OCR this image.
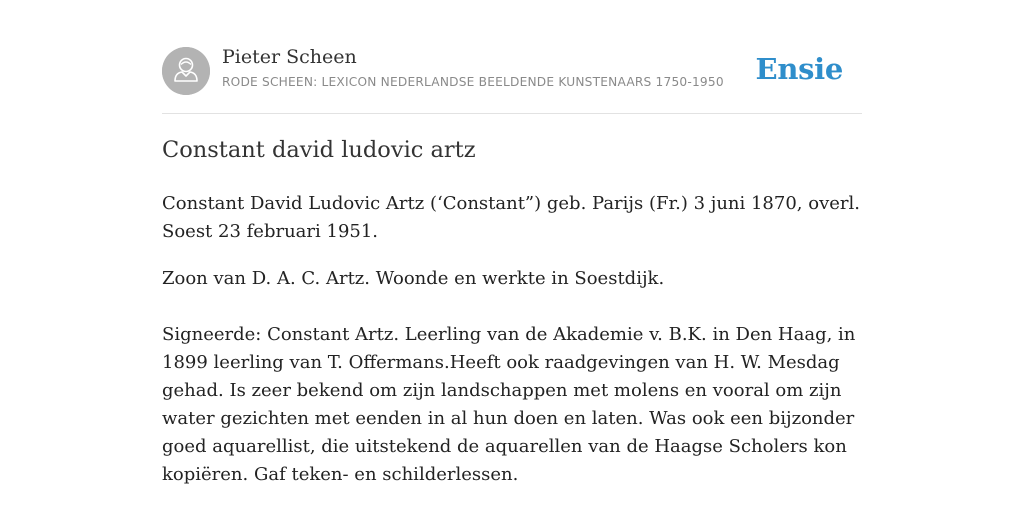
Pieter Scheen
RODE SCHEEN: LEXICON NEDERLANDSE BEELDENDE KUNSTENAARS 1750-1950 Ensie
Constant david ludovic artz

Constant David Ludovic Artz (‘Constant”) geb. Parijs (Fr.) 3 juni 1870, overl. Soest 23 februari 1951.

Zoon van D. A. C. Artz. Woonde en werkte in Soestdijk.

Signeerde: Constant Artz. Leerling van de Akademie v. B.K. in Den Haag, in 1899 leerling van T. Offermans.Heeft ook raadgevingen van H. W. Mesdag gehad. Is zeer bekend om zijn landschappen met molens en vooral om zijn water gezichten met eenden in al hun doen en laten. Was ook een bijzonder goed aquarellist, die uitstekend de aquarellen van de Haagse Scholers kon kopiëren. Gaf teken- en schilderlessen.
